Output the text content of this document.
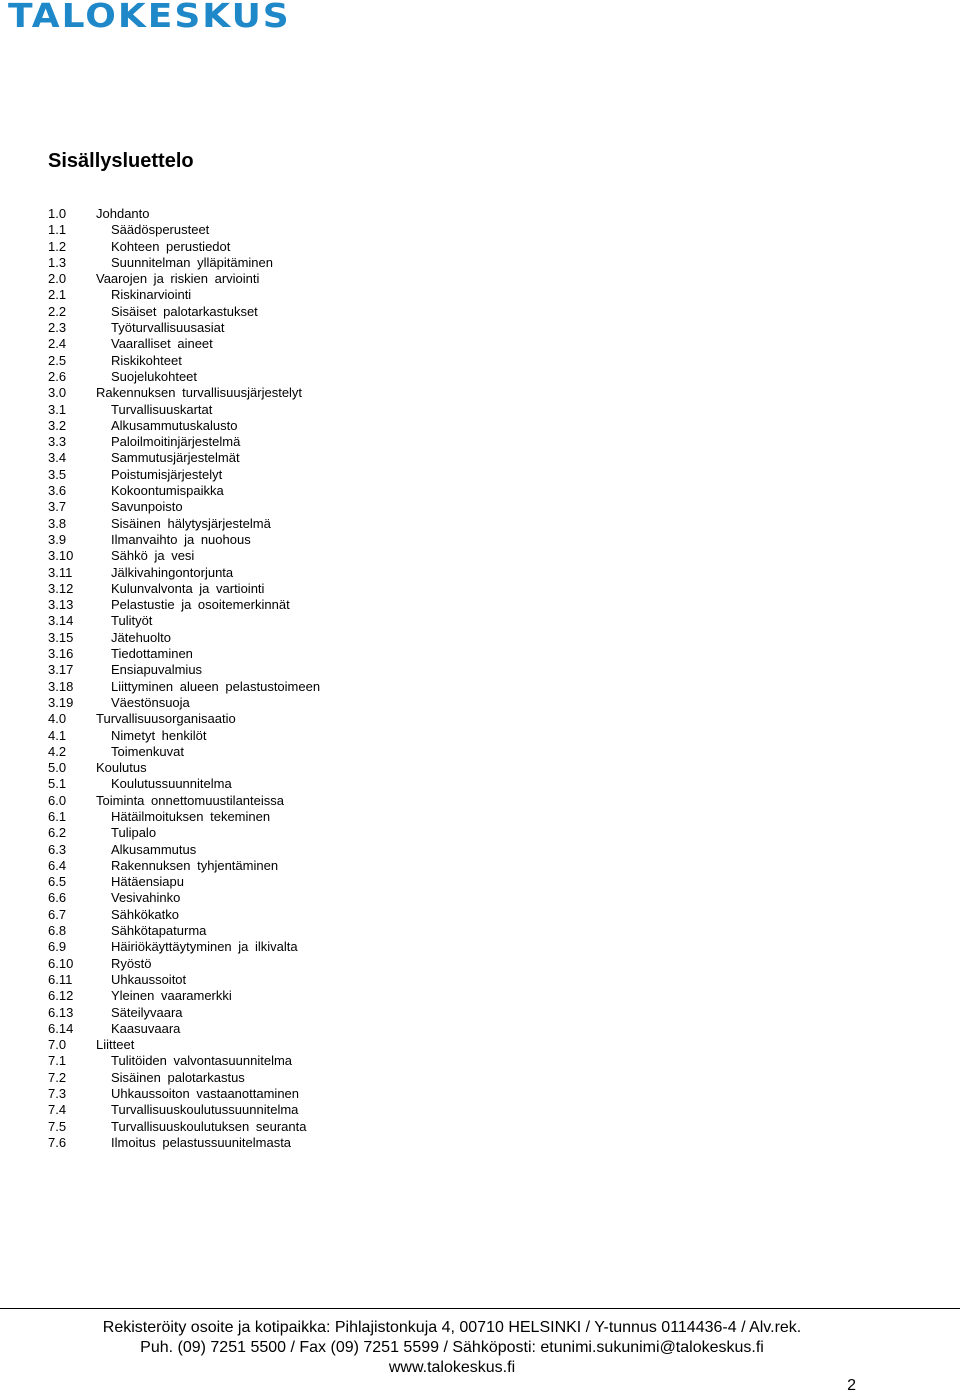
TALOKESKUS
Sisällysluettelo
1.0	Johdanto
1.1	Säädösperusteet
1.2	Kohteen perustiedot
1.3	Suunnitelman ylläpitäminen
2.0	Vaarojen ja riskien arviointi
2.1	Riskinarviointi
2.2	Sisäiset palotarkastukset
2.3	Työturvallisuusasiat
2.4	Vaaralliset aineet
2.5	Riskikohteet
2.6	Suojelukohteet
3.0	Rakennuksen turvallisuusjärjestelyt
3.1	Turvallisuuskartat
3.2	Alkusammutuskalusto
3.3	Paloilmoitinjärjestelmä
3.4	Sammutusjärjestelmät
3.5	Poistumisjärjestelyt
3.6	Kokoontumispaikka
3.7	Savunpoisto
3.8	Sisäinen hälytysjärjestelmä
3.9	Ilmanvaihto ja nuohous
3.10	Sähkö ja vesi
3.11	Jälkivahingontorjunta
3.12	Kulunvalvonta ja vartiointi
3.13	Pelastustie ja osoitemerkinnät
3.14	Tulityöt
3.15	Jätehuolto
3.16	Tiedottaminen
3.17	Ensiapuvalmius
3.18	Liittyminen alueen pelastustoimeen
3.19	Väestönsuoja
4.0	Turvallisuusorganisaatio
4.1	Nimetyt henkilöt
4.2	Toimenkuvat
5.0	Koulutus
5.1	Koulutussuunnitelma
6.0	Toiminta onnettomuustilanteissa
6.1	Hätäilmoituksen tekeminen
6.2	Tulipalo
6.3	Alkusammutus
6.4	Rakennuksen tyhjentäminen
6.5	Hätäensiapu
6.6	Vesivahinko
6.7	Sähkökatko
6.8	Sähkötapaturma
6.9	Häiriökäyttäytyminen ja ilkivalta
6.10	Ryöstö
6.11	Uhkaussoitot
6.12	Yleinen vaaramerkki
6.13	Säteilyvaara
6.14	Kaasuvaara
7.0	Liitteet
7.1	Tulitöiden valvontasuunnitelma
7.2	Sisäinen palotarkastus
7.3	Uhkaussoiton vastaanottaminen
7.4	Turvallisuuskoulutussuunnitelma
7.5	Turvallisuuskoulutuksen seuranta
7.6	Ilmoitus pelastussuunitelmasta
Rekisteröity osoite ja kotipaikka: Pihlajistonkuja 4, 00710 HELSINKI / Y-tunnus 0114436-4 / Alv.rek.
Puh. (09) 7251 5500 / Fax (09) 7251 5599 / Sähköposti: etunimi.sukunimi@talokeskus.fi
www.talokeskus.fi
2
